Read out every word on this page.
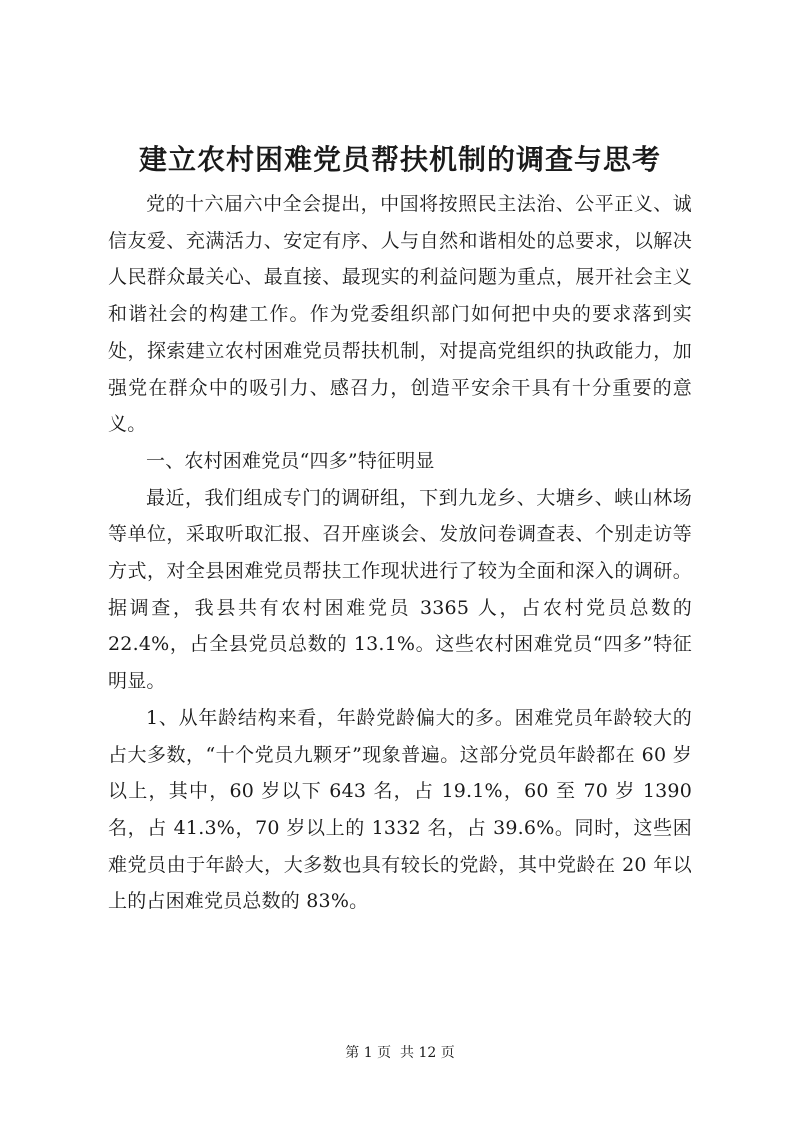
建立农村困难党员帮扶机制的调查与思考

党的十六届六中全会提出，中国将按照民主法治、公平正义、诚信友爱、充满活力、安定有序、人与自然和谐相处的总要求，以解决人民群众最关心、最直接、最现实的利益问题为重点，展开社会主义和谐社会的构建工作。作为党委组织部门如何把中央的要求落到实处，探索建立农村困难党员帮扶机制，对提高党组织的执政能力，加强党在群众中的吸引力、感召力，创造平安余干具有十分重要的意义。

一、农村困难党员“四多”特征明显

最近，我们组成专门的调研组，下到九龙乡、大塘乡、峡山林场等单位，采取听取汇报、召开座谈会、发放问卷调查表、个别走访等方式，对全县困难党员帮扶工作现状进行了较为全面和深入的调研。据调查，我县共有农村困难党员 3365 人，占农村党员总数的 22.4%，占全县党员总数的 13.1%。这些农村困难党员“四多”特征明显。

1、从年龄结构来看，年龄党龄偏大的多。困难党员年龄较大的占大多数，“十个党员九颗牙”现象普遍。这部分党员年龄都在 60 岁以上，其中，60 岁以下 643 名，占 19.1%，60 至 70 岁 1390 名，占 41.3%，70 岁以上的 1332 名，占 39.6%。同时，这些困难党员由于年龄大，大多数也具有较长的党龄，其中党龄在 20 年以上的占困难党员总数的 83%。

第 1 页  共 12 页
